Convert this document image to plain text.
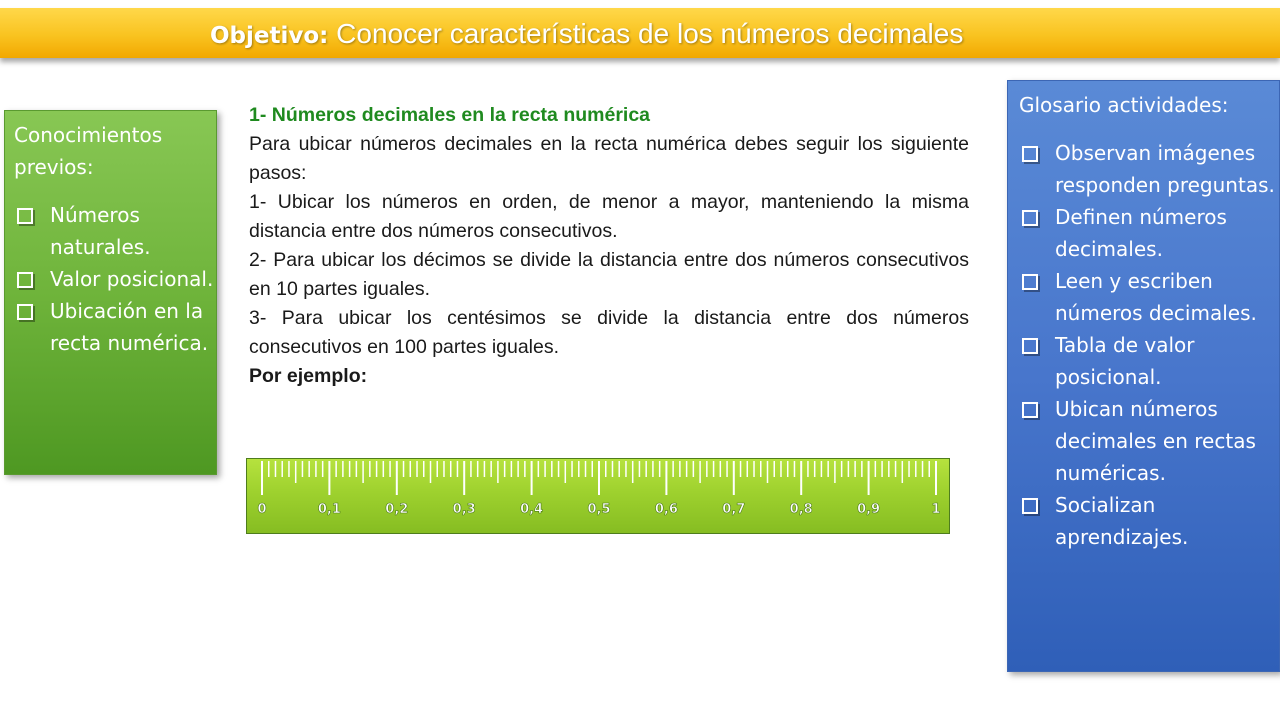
Objetivo: Conocer características de los números decimales
Conocimientos
previos:
Números naturales.
Valor posicional.
Ubicación en la recta numérica.

1- Números decimales en la recta numérica

Para ubicar números decimales en la recta numérica debes seguir los siguiente pasos:

1- Ubicar los números en orden, de menor a mayor, manteniendo la misma distancia entre dos números consecutivos.

2- Para ubicar los décimos se divide la distancia entre dos números consecutivos en 10 partes iguales.

3- Para ubicar los centésimos se divide la distancia entre dos números consecutivos en 100 partes iguales.

Por ejemplo:

0	0,1	0,2	0,3	0,4	0,5	0,6	0,7	0,8	0,9	1
Glosario actividades:
Observan imágenes responden preguntas.
Definen números decimales.
Leen y escriben números decimales.
Tabla de valor posicional.
Ubican números decimales en rectas numéricas.
Socializan aprendizajes.
